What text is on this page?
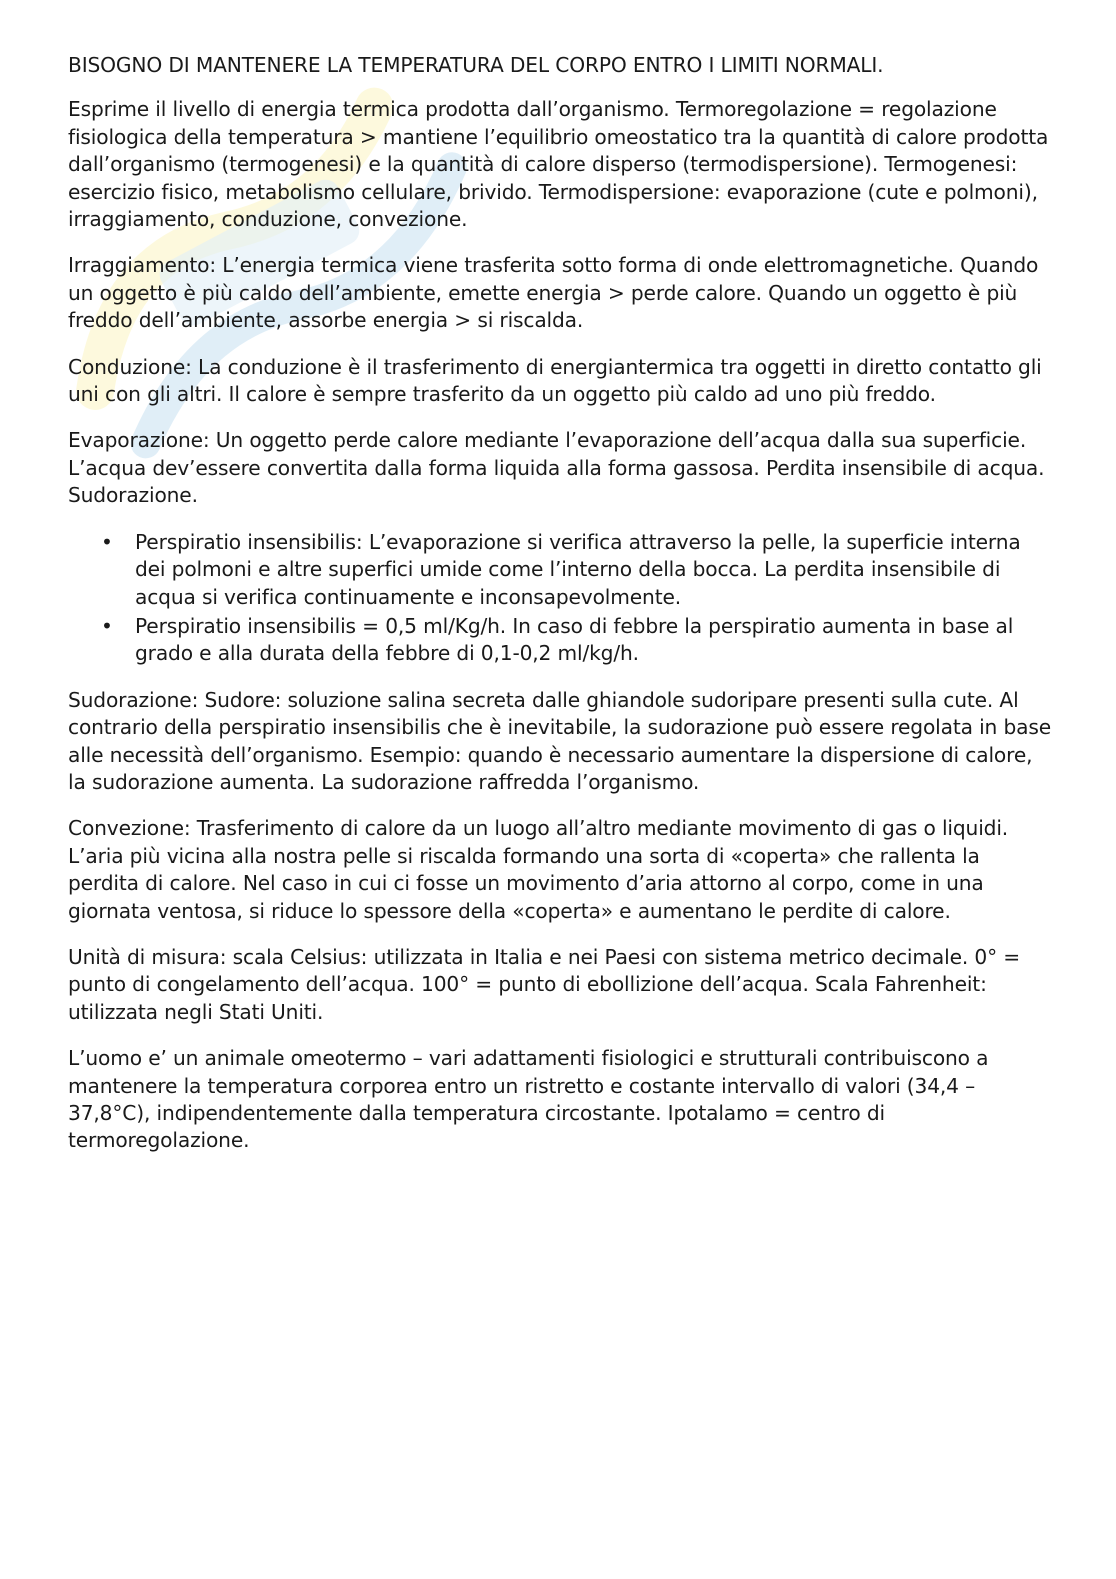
BISOGNO DI MANTENERE LA TEMPERATURA DEL CORPO ENTRO I LIMITI NORMALI.

Esprime il livello di energia termica prodotta dall’organismo. Termoregolazione = regolazione fisiologica della temperatura > mantiene l’equilibrio omeostatico tra la quantità di calore prodotta dall’organismo (termogenesi) e la quantità di calore disperso (termodispersione). Termogenesi: esercizio fisico, metabolismo cellulare, brivido. Termodispersione: evaporazione (cute e polmoni), irraggiamento, conduzione, convezione.

Irraggiamento: L’energia termica viene trasferita sotto forma di onde elettromagnetiche. Quando un oggetto è più caldo dell’ambiente, emette energia > perde calore. Quando un oggetto è più freddo dell’ambiente, assorbe energia > si riscalda.

Conduzione: La conduzione è il trasferimento di energiantermica tra oggetti in diretto contatto gli uni con gli altri. Il calore è sempre trasferito da un oggetto più caldo ad uno più freddo.

Evaporazione: Un oggetto perde calore mediante l’evaporazione dell’acqua dalla sua superficie. L’acqua dev’essere convertita dalla forma liquida alla forma gassosa. Perdita insensibile di acqua. Sudorazione.

• Perspiratio insensibilis: L’evaporazione si verifica attraverso la pelle, la superficie interna dei polmoni e altre superfici umide come l’interno della bocca. La perdita insensibile di acqua si verifica continuamente e inconsapevolmente.
• Perspiratio insensibilis = 0,5 ml/Kg/h. In caso di febbre la perspiratio aumenta in base al grado e alla durata della febbre di 0,1-0,2 ml/kg/h.

Sudorazione: Sudore: soluzione salina secreta dalle ghiandole sudoripare presenti sulla cute. Al contrario della perspiratio insensibilis che è inevitabile, la sudorazione può essere regolata in base alle necessità dell’organismo. Esempio: quando è necessario aumentare la dispersione di calore, la sudorazione aumenta. La sudorazione raffredda l’organismo.

Convezione: Trasferimento di calore da un luogo all’altro mediante movimento di gas o liquidi. L’aria più vicina alla nostra pelle si riscalda formando una sorta di «coperta» che rallenta la perdita di calore. Nel caso in cui ci fosse un movimento d’aria attorno al corpo, come in una giornata ventosa, si riduce lo spessore della «coperta» e aumentano le perdite di calore.

Unità di misura: scala Celsius: utilizzata in Italia e nei Paesi con sistema metrico decimale. 0° = punto di congelamento dell’acqua. 100° = punto di ebollizione dell’acqua. Scala Fahrenheit: utilizzata negli Stati Uniti.

L’uomo e’ un animale omeotermo – vari adattamenti fisiologici e strutturali contribuiscono a mantenere la temperatura corporea entro un ristretto e costante intervallo di valori (34,4 – 37,8°C), indipendentemente dalla temperatura circostante. Ipotalamo = centro di termoregolazione.
